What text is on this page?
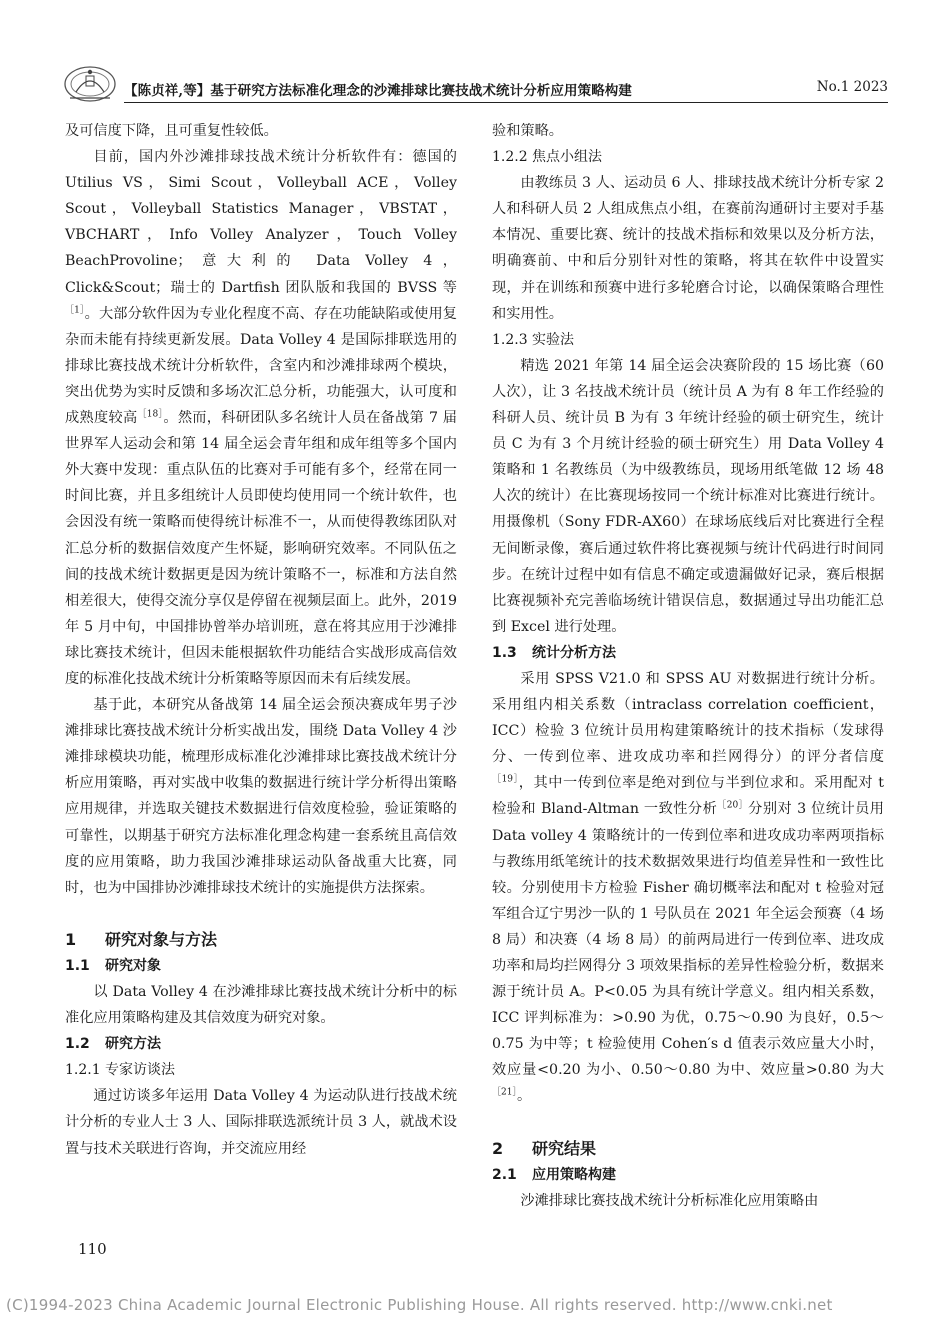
【陈贞祥,等】基于研究方法标准化理念的沙滩排球比赛技战术统计分析应用策略构建	No.1 2023

及可信度下降，且可重复性较低。

目前，国内外沙滩排球技战术统计分析软件有：德国的 Utilius VS，Simi Scout，Volleyball ACE，Volley Scout，Volleyball Statistics Manager，VBSTAT，VBCHART，Info Volley Analyzer，Touch Volley BeachProvoline；意大利的 Data Volley 4，Click&Scout；瑞士的 Dartfish 团队版和我国的 BVSS 等$^{[1]}$。大部分软件因为专业化程度不高、存在功能缺陷或使用复杂而未能有持续更新发展。Data Volley 4 是国际排联选用的排球比赛技战术统计分析软件，含室内和沙滩排球两个模块，突出优势为实时反馈和多场次汇总分析，功能强大，认可度和成熟度较高$^{[18]}$。然而，科研团队多名统计人员在备战第 7 届世界军人运动会和第 14 届全运会青年组和成年组等多个国内外大赛中发现：重点队伍的比赛对手可能有多个，经常在同一时间比赛，并且多组统计人员即使均使用同一个统计软件，也会因没有统一策略而使得统计标准不一，从而使得教练团队对汇总分析的数据信效度产生怀疑，影响研究效率。不同队伍之间的技战术统计数据更是因为统计策略不一，标准和方法自然相差很大，使得交流分享仅是停留在视频层面上。此外，2019 年 5 月中旬，中国排协曾举办培训班，意在将其应用于沙滩排球比赛技术统计，但因未能根据软件功能结合实战形成高信效度的标准化技战术统计分析策略等原因而未有后续发展。

基于此，本研究从备战第 14 届全运会预决赛成年男子沙滩排球比赛技战术统计分析实战出发，围绕 Data Volley 4 沙滩排球模块功能，梳理形成标准化沙滩排球比赛技战术统计分析应用策略，再对实战中收集的数据进行统计学分析得出策略应用规律，并选取关键技术数据进行信效度检验，验证策略的可靠性，以期基于研究方法标准化理念构建一套系统且高信效度的应用策略，助力我国沙滩排球运动队备战重大比赛，同时，也为中国排协沙滩排球技术统计的实施提供方法探索。

1 研究对象与方法
1.1 研究对象

以 Data Volley 4 在沙滩排球比赛技战术统计分析中的标准化应用策略构建及其信效度为研究对象。

1.2 研究方法
1.2.1 专家访谈法

通过访谈多年运用 Data Volley 4 为运动队进行技战术统计分析的专业人士 3 人、国际排联选派统计员 3 人，就战术设置与技术关联进行咨询，并交流应用经

验和策略。

1.2.2 焦点小组法

由教练员 3 人、运动员 6 人、排球技战术统计分析专家 2 人和科研人员 2 人组成焦点小组，在赛前沟通研讨主要对手基本情况、重要比赛、统计的技战术指标和效果以及分析方法，明确赛前、中和后分别针对性的策略，将其在软件中设置实现，并在训练和预赛中进行多轮磨合讨论，以确保策略合理性和实用性。

1.2.3 实验法

精选 2021 年第 14 届全运会决赛阶段的 15 场比赛（60 人次），让 3 名技战术统计员（统计员 A 为有 8 年工作经验的科研人员、统计员 B 为有 3 年统计经验的硕士研究生，统计员 C 为有 3 个月统计经验的硕士研究生）用 Data Volley 4 策略和 1 名教练员（为中级教练员，现场用纸笔做 12 场 48 人次的统计）在比赛现场按同一个统计标准对比赛进行统计。用摄像机（Sony FDR-AX60）在球场底线后对比赛进行全程无间断录像，赛后通过软件将比赛视频与统计代码进行时间同步。在统计过程中如有信息不确定或遗漏做好记录，赛后根据比赛视频补充完善临场统计错误信息，数据通过导出功能汇总到 Excel 进行处理。

1.3 统计分析方法

采用 SPSS V21.0 和 SPSS AU 对数据进行统计分析。采用组内相关系数（intraclass correlation coefficient，ICC）检验 3 位统计员用构建策略统计的技术指标（发球得分、一传到位率、进攻成功率和拦网得分）的评分者信度$^{[19]}$，其中一传到位率是绝对到位与半到位求和。采用配对 t 检验和 Bland-Altman 一致性分析$^{[20]}$分别对 3 位统计员用 Data volley 4 策略统计的一传到位率和进攻成功率两项指标与教练用纸笔统计的技术数据效果进行均值差异性和一致性比较。分别使用卡方检验 Fisher 确切概率法和配对 t 检验对冠军组合辽宁男沙一队的 1 号队员在 2021 年全运会预赛（4 场 8 局）和决赛（4 场 8 局）的前两局进行一传到位率、进攻成功率和局均拦网得分 3 项效果指标的差异性检验分析，数据来源于统计员 A。P<0.05 为具有统计学意义。组内相关系数，ICC 评判标准为：>0.90 为优，0.75～0.90 为良好，0.5～0.75 为中等；t 检验使用 Cohen′s d 值表示效应量大小时，效应量<0.20 为小、0.50～0.80 为中、效应量>0.80 为大$^{[21]}$。

2 研究结果
2.1 应用策略构建

沙滩排球比赛技战术统计分析标准化应用策略由

110
(C)1994-2023 China Academic Journal Electronic Publishing House. All rights reserved. http://www.cnki.net
